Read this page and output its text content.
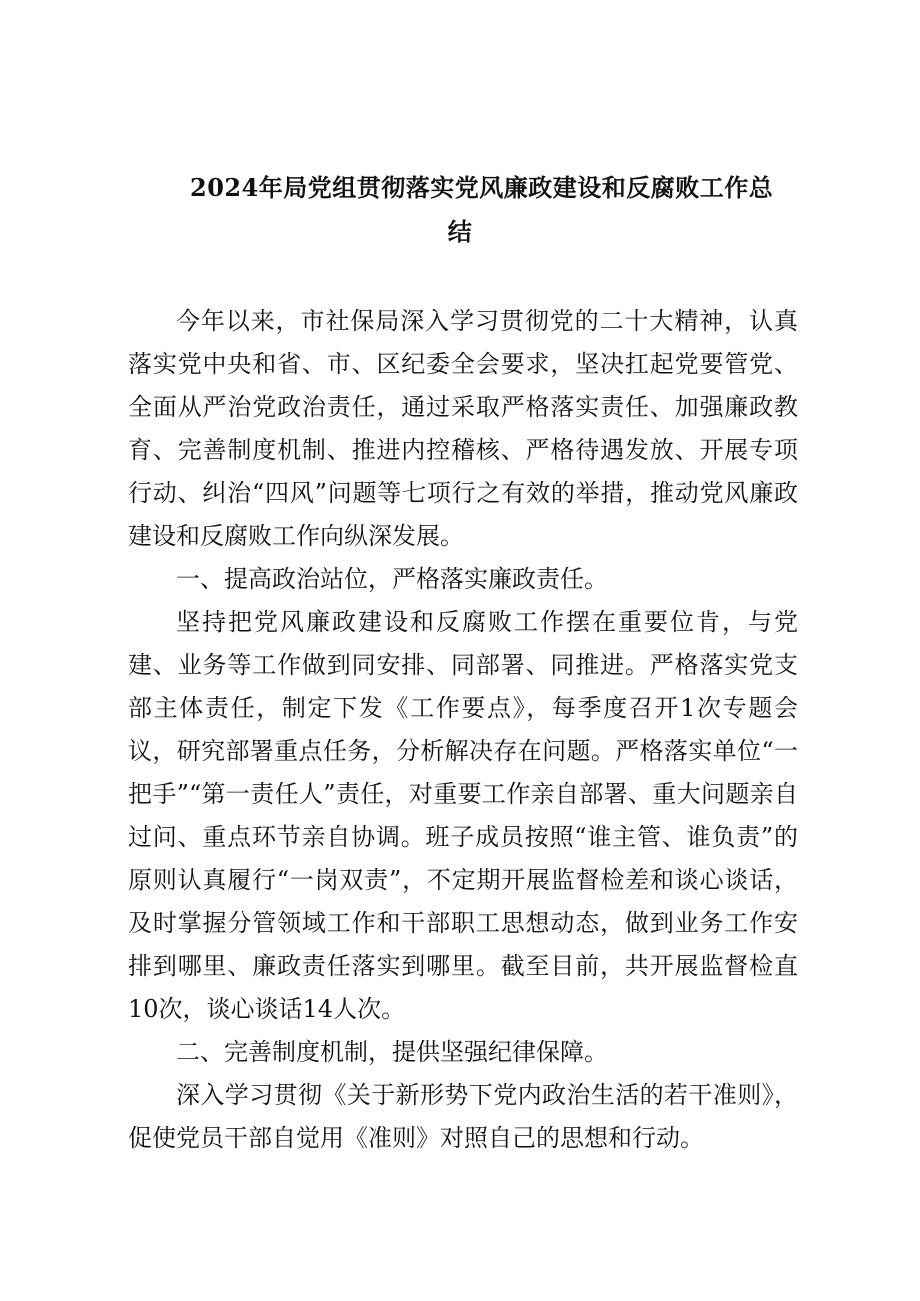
2024年局党组贯彻落实党风廉政建设和反腐败工作总
结

今年以来，市社保局深入学习贯彻党的二十大精神，认真落实党中央和省、市、区纪委全会要求，坚决扛起党要管党、全面从严治党政治责任，通过采取严格落实责任、加强廉政教育、完善制度机制、推进内控稽核、严格待遇发放、开展专项行动、纠治“四风”问题等七项行之有效的举措，推动党风廉政建设和反腐败工作向纵深发展。

一、提高政治站位，严格落实廉政责任。

坚持把党风廉政建设和反腐败工作摆在重要位肯，与党建、业务等工作做到同安排、同部署、同推进。严格落实党支部主体责任，制定下发《工作要点》，每季度召开1次专题会议，研究部署重点任务，分析解决存在问题。严格落实单位“一把手”“第一责任人”责任，对重要工作亲自部署、重大问题亲自过问、重点环节亲自协调。班子成员按照“谁主管、谁负责”的原则认真履行“一岗双责”，不定期开展监督检差和谈心谈话，及时掌握分管领域工作和干部职工思想动态，做到业务工作安排到哪里、廉政责任落实到哪里。截至目前，共开展监督检直10次，谈心谈话14人次。

二、完善制度机制，提供坚强纪律保障。

深入学习贯彻《关于新形势下党内政治生活的若干准则》，促使党员干部自觉用《准则》对照自己的思想和行动。
